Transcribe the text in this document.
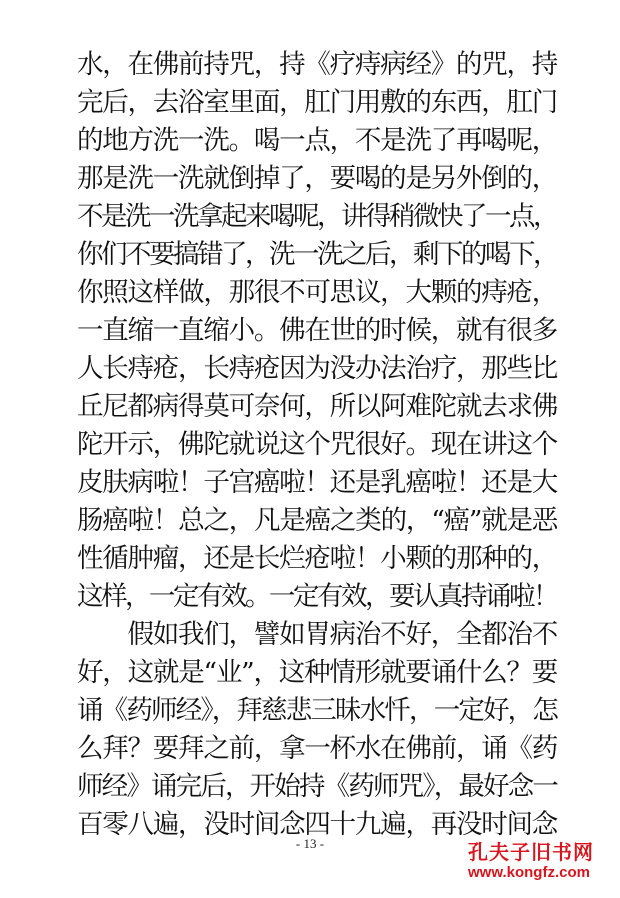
水，在佛前持咒，持《疗痔病经》的咒，持
完后，去浴室里面，肛门用敷的东西，肛门
的地方洗一洗。喝一点，不是洗了再喝呢，
那是洗一洗就倒掉了，要喝的是另外倒的，
不是洗一洗拿起来喝呢，讲得稍微快了一点，
你们不要搞错了，洗一洗之后，剩下的喝下，
你照这样做，那很不可思议，大颗的痔疮，
一直缩一直缩小。佛在世的时候，就有很多
人长痔疮，长痔疮因为没办法治疗，那些比
丘尼都病得莫可奈何，所以阿难陀就去求佛
陀开示，佛陀就说这个咒很好。现在讲这个
皮肤病啦！子宫癌啦！还是乳癌啦！还是大
肠癌啦！总之，凡是癌之类的，“癌”就是恶
性循肿瘤，还是长烂疮啦！小颗的那种的，
这样，一定有效。一定有效，要认真持诵啦！
　　假如我们，譬如胃病治不好，全都治不
好，这就是“业”，这种情形就要诵什么？要
诵《药师经》，拜慈悲三昧水忏，一定好，怎
么拜？要拜之前，拿一杯水在佛前，诵《药
师经》诵完后，开始持《药师咒》，最好念一
百零八遍，没时间念四十九遍，再没时间念
- 13 -	孔夫子旧书网
www.kongfz.com
